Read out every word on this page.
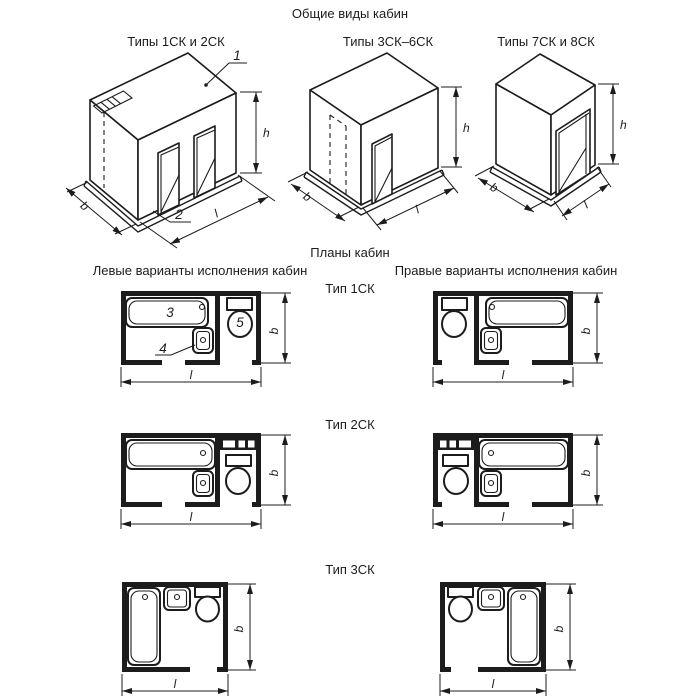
Общие виды кабин
Типы 1СК и 2СК	Типы 3СК–6СК	Типы 7СК и 8СК
1
2
h
l
b
h
l
b
h
l
b
Планы кабин
Левые варианты исполнения кабин	Правые варианты исполнения кабин
Тип 1СК
3
4
5
b
l
b
l
Тип 2СК
b
l
b
l
Тип 3СК
b
l
b
l
